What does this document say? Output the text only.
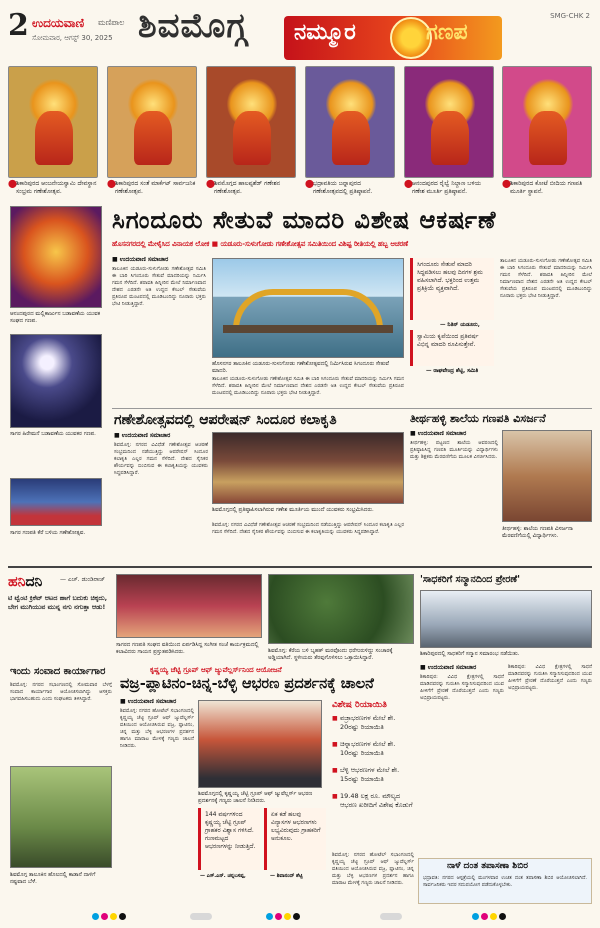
2 ಉದಯವಾಣಿ ಮಣಿಪಾಲ
ಸೋಮವಾರ, ಆಗಸ್ಟ್ 30, 2025 ಶಿವಮೊಗ್ಗ ನಮ್ಮೂರ	ಗಣಪ
SMG-CHK 2
⬤ ಶಿಕಾರಿಪುರದ ಆಂಜನೇಯಸ್ವಾಮಿ ದೇವಸ್ಥಾನ ಸಂಭ್ರಮ ಗಣೇಶೋತ್ಸವ.
⬤ ಶಿಕಾರಿಪುರದ ಸಂತೆ ಮಾರ್ಕೆಟ್ ಸಾರ್ವಜನಿಕ ಗಣೇಶೋತ್ಸವ.
⬤ ಶಿವಮೊಗ್ಗದ ಹಾಲಪ್ಪಶೆಡ್ ಗಣೇಶನ ಗಣೇಶೋತ್ಸವ.
⬤ ಭದ್ರಾವತಿಯ ಜನ್ನಾಪುರದ ಗಣೇಶೋತ್ಸವದಲ್ಲಿ ಪ್ರತಿಷ್ಠಾಪನೆ.
⬤ ಆನಂದಪುರದ ರೈಲ್ವೆ ನಿಲ್ದಾಣ ಬಳಿಯ ಗಣೇಶ ಮೂರ್ತಿ ಪ್ರತಿಷ್ಠಾಪನೆ.
⬤ ಶಿಕಾರಿಪುರದ ಕೋಟೆ ಬೀದಿಯ ಗಣಪತಿ ಮೂರ್ತಿ ಸ್ಥಾಪನೆ.
ಆನಂದಪುರದ ಮಲ್ಲಿಕಾರ್ಜುನ ಬಡಾವಣೆಯ ಯುವಕ ಸಂಘದ ಗಣಪ.
ಸಾಗರ ಹಿರೇಮನೆ ಬಡಾವಣೆಯ ಯುವಕರ ಗಣಪ.
ಸಾಗರ ಗಣಪತಿ ಕೆರೆ ಬಳಿಯ ಗಣೇಶೋತ್ಸವ.
ಸಿಗಂದೂರು ಸೇತುವೆ ಮಾದರಿ ವಿಶೇಷ ಆಕರ್ಷಣೆ
ಹೊಸನಗರದಲ್ಲಿ ಮೇಳೈಸಿದ ವಿನಾಯಕ ಲೋಕ ■ ಯಡೂರು-ಸುಳುಗೋಡು ಗಣೇಶೋತ್ಸವ ಸಮಿತಿಯಿಂದ ವಿಶಿಷ್ಟ ರೀತಿಯಲ್ಲಿ ಹಬ್ಬ ಆಚರಣೆ
■ ಉದಯವಾಣಿ ಸಮಾಚಾರ
ತಾಲೂಕಿನ ಯಡೂರು-ಸುಳುಗೋಡು ಗಣೇಶೋತ್ಸವ ಸಮಿತಿ ಈ ಬಾರಿ ಸಿಗಂದೂರು ಸೇತುವೆ ಮಾದರಿಯನ್ನು ನಿರ್ಮಿಸಿ ಗಮನ ಸೆಳೆದಿದೆ. ಶರಾವತಿ ಹಿನ್ನೀರಿನ ಮೇಲೆ ನಿರ್ಮಾಣವಾದ ದೇಶದ ಎರಡನೇ ಅತಿ ಉದ್ದದ ಕೇಬಲ್ ಸೇತುವೆಯ ಪ್ರತಿರೂಪ ಮಂಟಪದಲ್ಲಿ ಮೂಡಿಬಂದಿದ್ದು ನೂರಾರು ಭಕ್ತರು ಭೇಟಿ ನೀಡುತ್ತಿದ್ದಾರೆ.
ಹೊಸನಗರ ತಾಲೂಕಿನ ಯಡೂರು-ಸುಳುಗೋಡು ಗಣೇಶೋತ್ಸವದಲ್ಲಿ ನಿರ್ಮಿಸಿರುವ ಸಿಗಂದೂರು ಸೇತುವೆ ಮಾದರಿ.
ತಾಲೂಕಿನ ಯಡೂರು-ಸುಳುಗೋಡು ಗಣೇಶೋತ್ಸವ ಸಮಿತಿ ಈ ಬಾರಿ ಸಿಗಂದೂರು ಸೇತುವೆ ಮಾದರಿಯನ್ನು ನಿರ್ಮಿಸಿ ಗಮನ ಸೆಳೆದಿದೆ. ಶರಾವತಿ ಹಿನ್ನೀರಿನ ಮೇಲೆ ನಿರ್ಮಾಣವಾದ ದೇಶದ ಎರಡನೇ ಅತಿ ಉದ್ದದ ಕೇಬಲ್ ಸೇತುವೆಯ ಪ್ರತಿರೂಪ ಮಂಟಪದಲ್ಲಿ ಮೂಡಿಬಂದಿದ್ದು ನೂರಾರು ಭಕ್ತರು ಭೇಟಿ ನೀಡುತ್ತಿದ್ದಾರೆ.
ಸಿಗಂದೂರು ಸೇತುವೆ ಮಾದರಿ ಸಿದ್ಧಪಡಿಸಲು ಹಲವು ದಿನಗಳ ಶ್ರಮ ವಹಿಸಲಾಗಿದೆ. ಭಕ್ತರಿಂದ ಉತ್ತಮ ಪ್ರತಿಕ್ರಿಯೆ ವ್ಯಕ್ತವಾಗಿದೆ.
— ನಿತಿನ್ ಯಡೂರು,
ಸ್ವಾಮಿಯ ಕೃಪೆಯಿಂದ ಪ್ರತಿವರ್ಷ ವಿಭಿನ್ನ ಮಾದರಿ ರೂಪಿಸುತ್ತೇವೆ.
— ರಾಘವೇಂದ್ರ ಶೆಟ್ಟಿ, ಸಮಿತಿ
ತಾಲೂಕಿನ ಯಡೂರು-ಸುಳುಗೋಡು ಗಣೇಶೋತ್ಸವ ಸಮಿತಿ ಈ ಬಾರಿ ಸಿಗಂದೂರು ಸೇತುವೆ ಮಾದರಿಯನ್ನು ನಿರ್ಮಿಸಿ ಗಮನ ಸೆಳೆದಿದೆ. ಶರಾವತಿ ಹಿನ್ನೀರಿನ ಮೇಲೆ ನಿರ್ಮಾಣವಾದ ದೇಶದ ಎರಡನೇ ಅತಿ ಉದ್ದದ ಕೇಬಲ್ ಸೇತುವೆಯ ಪ್ರತಿರೂಪ ಮಂಟಪದಲ್ಲಿ ಮೂಡಿಬಂದಿದ್ದು ನೂರಾರು ಭಕ್ತರು ಭೇಟಿ ನೀಡುತ್ತಿದ್ದಾರೆ.
ಗಣೇಶೋತ್ಸವದಲ್ಲಿ ಆಪರೇಷನ್ ಸಿಂದೂರ ಕಲಾಕೃತಿ
■ ಉದಯವಾಣಿ ಸಮಾಚಾರ
ಶಿವಮೊಗ್ಗ: ನಗರದ ವಿವಿಧೆಡೆ ಗಣೇಶೋತ್ಸವ ಆಚರಣೆ ಸಂಭ್ರಮದಿಂದ ನಡೆಯುತ್ತಿದ್ದು ಆಪರೇಷನ್ ಸಿಂದೂರ ಕಲಾಕೃತಿ ಎಲ್ಲರ ಗಮನ ಸೆಳೆದಿದೆ. ದೇಶದ ಸೈನಿಕರ ಶೌರ್ಯವನ್ನು ಬಿಂಬಿಸುವ ಈ ಕಲಾಕೃತಿಯನ್ನು ಯುವಕರು ಸಿದ್ಧಪಡಿಸಿದ್ದಾರೆ.
ಶಿವಮೊಗ್ಗದಲ್ಲಿ ಪ್ರತಿಷ್ಠಾಪಿಸಲಾಗಿರುವ ಗಣೇಶ ಮೂರ್ತಿಯ ಮುಂದೆ ಯುವಕರು ಸಂಭ್ರಮಿಸಿದರು.
ಶಿವಮೊಗ್ಗ: ನಗರದ ವಿವಿಧೆಡೆ ಗಣೇಶೋತ್ಸವ ಆಚರಣೆ ಸಂಭ್ರಮದಿಂದ ನಡೆಯುತ್ತಿದ್ದು ಆಪರೇಷನ್ ಸಿಂದೂರ ಕಲಾಕೃತಿ ಎಲ್ಲರ ಗಮನ ಸೆಳೆದಿದೆ. ದೇಶದ ಸೈನಿಕರ ಶೌರ್ಯವನ್ನು ಬಿಂಬಿಸುವ ಈ ಕಲಾಕೃತಿಯನ್ನು ಯುವಕರು ಸಿದ್ಧಪಡಿಸಿದ್ದಾರೆ.
ತೀರ್ಥಹಳ್ಳಿ ಶಾಲೆಯ ಗಣಪತಿ ವಿಸರ್ಜನೆ
■ ಉದಯವಾಣಿ ಸಮಾಚಾರ
ತೀರ್ಥಹಳ್ಳಿ: ಪಟ್ಟಣದ ಶಾಲೆಯ ಆವರಣದಲ್ಲಿ ಪ್ರತಿಷ್ಠಾಪಿಸಿದ್ದ ಗಣಪತಿ ಮೂರ್ತಿಯನ್ನು ವಿದ್ಯಾರ್ಥಿಗಳು ಮತ್ತು ಶಿಕ್ಷಕರು ಮೆರವಣಿಗೆಯ ಮೂಲಕ ವಿಸರ್ಜಿಸಿದರು.
ತೀರ್ಥಹಳ್ಳಿ: ಶಾಲೆಯ ಗಣಪತಿ ವಿಸರ್ಜನಾ ಮೆರವಣಿಗೆಯಲ್ಲಿ ವಿದ್ಯಾರ್ಥಿಗಳು.
ಹನಿದನಿ	— ಎಚ್. ಡುಂಡಿರಾಜ್
ಟಿ ಟ್ವೆಂಟಿ ಕ್ರಿಕೆಟ್ ಆಟದ ಹಾಗೆ ಬದುಕು ಚಿಕ್ಕದು, ಬೇಗ ಮುಗಿಯುವ ಮುನ್ನ ನಗು ನಗುತ್ತಾ ಆಡು!
ಸಾಗರದ ಗಣಪತಿ ಸಂಘದ ವತಿಯಿಂದ ಏರ್ಪಡಿಸಿದ್ದ ಸಂಗೀತ ಸಂಜೆ ಕಾರ್ಯಕ್ರಮದಲ್ಲಿ ಕಲಾವಿದರು ಗಾಯನ ಪ್ರಸ್ತುತಪಡಿಸಿದರು.	ಶಿವಮೊಗ್ಗ: ಕೆರೆಯ ಬಳಿ ಬೃಹತ್ ಮರವೊಂದು ಧರೆಗುರುಳಿದ್ದು ಸಂಚಾರಕ್ಕೆ ಅಡ್ಡಿಯಾಗಿದೆ. ಸ್ಥಳೀಯರು ತೆರವುಗೊಳಿಸಲು ಒತ್ತಾಯಿಸಿದ್ದಾರೆ.
'ಸಾಧಕರಿಗೆ ಸನ್ಮಾನದಿಂದ ಪ್ರೇರಣೆ'
ಶಿಕಾರಿಪುರದಲ್ಲಿ ಸಾಧಕರಿಗೆ ಸನ್ಮಾನ ಸಮಾರಂಭ ನಡೆಯಿತು.
■ ಉದಯವಾಣಿ ಸಮಾಚಾರ
ಶಿಕಾರಿಪುರ: ವಿವಿಧ ಕ್ಷೇತ್ರಗಳಲ್ಲಿ ಸಾಧನೆ ಮಾಡಿದವರನ್ನು ಗುರುತಿಸಿ ಸನ್ಮಾನಿಸುವುದರಿಂದ ಯುವ ಪೀಳಿಗೆಗೆ ಪ್ರೇರಣೆ ದೊರೆಯುತ್ತದೆ ಎಂದು ಗಣ್ಯರು ಅಭಿಪ್ರಾಯಪಟ್ಟರು.
ಶಿಕಾರಿಪುರ: ವಿವಿಧ ಕ್ಷೇತ್ರಗಳಲ್ಲಿ ಸಾಧನೆ ಮಾಡಿದವರನ್ನು ಗುರುತಿಸಿ ಸನ್ಮಾನಿಸುವುದರಿಂದ ಯುವ ಪೀಳಿಗೆಗೆ ಪ್ರೇರಣೆ ದೊರೆಯುತ್ತದೆ ಎಂದು ಗಣ್ಯರು ಅಭಿಪ್ರಾಯಪಟ್ಟರು.
ಇಂದು ಸಂವಾದ ಕಾರ್ಯಾಗಾರ
ಶಿವಮೊಗ್ಗ: ನಗರದ ಸಭಾಂಗಣದಲ್ಲಿ ಸೋಮವಾರ ಬೆಳಗ್ಗೆ ಸಂವಾದ ಕಾರ್ಯಾಗಾರ ಆಯೋಜಿಸಲಾಗಿದ್ದು ಆಸಕ್ತರು ಭಾಗವಹಿಸಬಹುದು ಎಂದು ಸಂಘಟಕರು ತಿಳಿಸಿದ್ದಾರೆ.
ಶಿವಮೊಗ್ಗ ತಾಲೂಕಿನ ಹೊಲದಲ್ಲಿ ಕಾಡಾನೆ ದಾಳಿಗೆ ನಷ್ಟವಾದ ಬೆಳೆ.
ಕೃಷ್ಣಯ್ಯ ಚೆಟ್ಟಿ ಗ್ರೂಪ್ ಆಫ್ ಜ್ಯುವೆಲ್ಲರ್ಸ್‌ನಿಂದ ಆಯೋಜನೆ
ವಜ್ರ-ಪ್ಲಾಟಿನಂ-ಚಿನ್ನ-ಬೆಳ್ಳಿ ಆಭರಣ ಪ್ರದರ್ಶನಕ್ಕೆ ಚಾಲನೆ
■ ಉದಯವಾಣಿ ಸಮಾಚಾರ
ಶಿವಮೊಗ್ಗ: ನಗರದ ಹೋಟೆಲ್ ಸಭಾಂಗಣದಲ್ಲಿ ಕೃಷ್ಣಯ್ಯ ಚೆಟ್ಟಿ ಗ್ರೂಪ್ ಆಫ್ ಜ್ಯುವೆಲ್ಲರ್ಸ್ ವತಿಯಿಂದ ಆಯೋಜಿಸಿರುವ ವಜ್ರ, ಪ್ಲಾಟಿನಂ, ಚಿನ್ನ ಮತ್ತು ಬೆಳ್ಳಿ ಆಭರಣಗಳ ಪ್ರದರ್ಶನ ಹಾಗೂ ಮಾರಾಟ ಮೇಳಕ್ಕೆ ಗಣ್ಯರು ಚಾಲನೆ ನೀಡಿದರು.
ಶಿವಮೊಗ್ಗದಲ್ಲಿ ಕೃಷ್ಣಯ್ಯ ಚೆಟ್ಟಿ ಗ್ರೂಪ್ ಆಫ್ ಜ್ಯುವೆಲ್ಲರ್ಸ್ ಆಭರಣ ಪ್ರದರ್ಶನಕ್ಕೆ ಗಣ್ಯರು ಚಾಲನೆ ನೀಡಿದರು.
144 ವರ್ಷಗಳಿಂದ ಕೃಷ್ಣಯ್ಯ ಚೆಟ್ಟಿ ಗ್ರೂಪ್ ಗ್ರಾಹಕರ ವಿಶ್ವಾಸ ಗಳಿಸಿದೆ. ಗುಣಮಟ್ಟದ ಆಭರಣಗಳನ್ನು ನೀಡುತ್ತಿದೆ.
— ಎಸ್.ಎನ್. ಚನ್ನಬಸಪ್ಪ,
ಏಕ ಕಡೆ ಹಲವು ವಿನ್ಯಾಸಗಳ ಆಭರಣಗಳು ಲಭ್ಯವಿರುವುದು ಗ್ರಾಹಕರಿಗೆ ಅನುಕೂಲ.
— ಶಿವಾನಂದ್ ಶೆಟ್ಟಿ
ವಿಶೇಷ ರಿಯಾಯಿತಿ
■ ವಜ್ರಾಭರಣಗಳ ಮೇಲೆ ಶೇ. 20ರಷ್ಟು ರಿಯಾಯಿತಿ
■ ಚಿನ್ನಾಭರಣಗಳ ಮೇಲೆ ಶೇ. 10ರಷ್ಟು ರಿಯಾಯಿತಿ
■ ಬೆಳ್ಳಿ ಆಭರಣಗಳ ಮೇಲೆ ಶೇ. 15ರಷ್ಟು ರಿಯಾಯಿತಿ
■ 19.48 ಲಕ್ಷ ರೂ. ಮೌಲ್ಯದ ಆಭರಣ ಖರೀದಿಗೆ ವಿಶೇಷ ಕೊಡುಗೆ
ಶಿವಮೊಗ್ಗ: ನಗರದ ಹೋಟೆಲ್ ಸಭಾಂಗಣದಲ್ಲಿ ಕೃಷ್ಣಯ್ಯ ಚೆಟ್ಟಿ ಗ್ರೂಪ್ ಆಫ್ ಜ್ಯುವೆಲ್ಲರ್ಸ್ ವತಿಯಿಂದ ಆಯೋಜಿಸಿರುವ ವಜ್ರ, ಪ್ಲಾಟಿನಂ, ಚಿನ್ನ ಮತ್ತು ಬೆಳ್ಳಿ ಆಭರಣಗಳ ಪ್ರದರ್ಶನ ಹಾಗೂ ಮಾರಾಟ ಮೇಳಕ್ಕೆ ಗಣ್ಯರು ಚಾಲನೆ ನೀಡಿದರು.
ನಾಳೆ ದಂತ ತಪಾಸಣಾ ಶಿಬಿರ
ಭದ್ರಾವತಿ: ನಗರದ ಆಸ್ಪತ್ರೆಯಲ್ಲಿ ಮಂಗಳವಾರ ಉಚಿತ ದಂತ ತಪಾಸಣಾ ಶಿಬಿರ ಆಯೋಜಿಸಲಾಗಿದೆ. ಸಾರ್ವಜನಿಕರು ಇದರ ಸದುಪಯೋಗ ಪಡೆದುಕೊಳ್ಳಬೇಕು.
